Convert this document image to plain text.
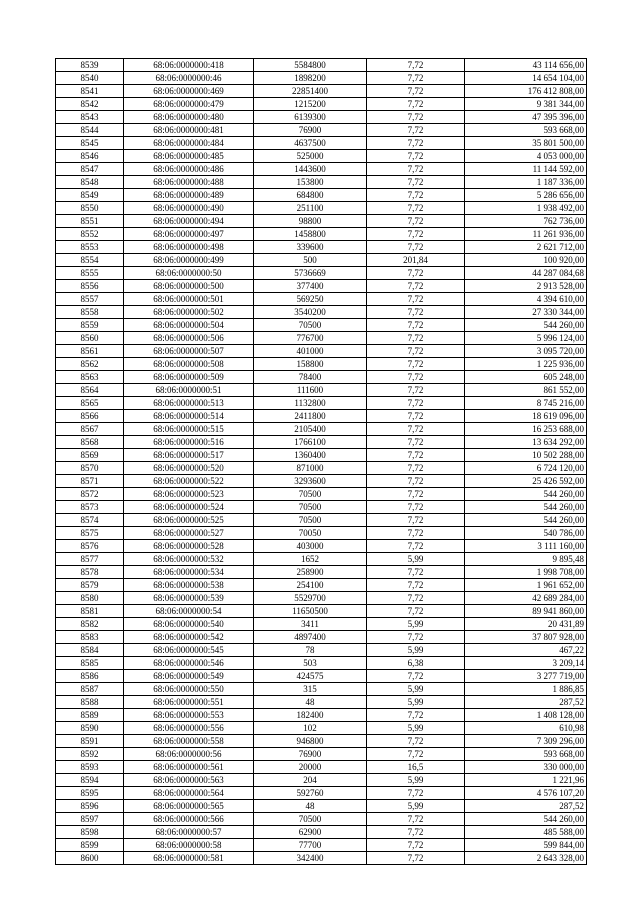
8539	68:06:0000000:418	5584800	7,72	43 114 656,00
8540	68:06:0000000:46	1898200	7,72	14 654 104,00
8541	68:06:0000000:469	22851400	7,72	176 412 808,00
8542	68:06:0000000:479	1215200	7,72	9 381 344,00
8543	68:06:0000000:480	6139300	7,72	47 395 396,00
8544	68:06:0000000:481	76900	7,72	593 668,00
8545	68:06:0000000:484	4637500	7,72	35 801 500,00
8546	68:06:0000000:485	525000	7,72	4 053 000,00
8547	68:06:0000000:486	1443600	7,72	11 144 592,00
8548	68:06:0000000:488	153800	7,72	1 187 336,00
8549	68:06:0000000:489	684800	7,72	5 286 656,00
8550	68:06:0000000:490	251100	7,72	1 938 492,00
8551	68:06:0000000:494	98800	7,72	762 736,00
8552	68:06:0000000:497	1458800	7,72	11 261 936,00
8553	68:06:0000000:498	339600	7,72	2 621 712,00
8554	68:06:0000000:499	500	201,84	100 920,00
8555	68:06:0000000:50	5736669	7,72	44 287 084,68
8556	68:06:0000000:500	377400	7,72	2 913 528,00
8557	68:06:0000000:501	569250	7,72	4 394 610,00
8558	68:06:0000000:502	3540200	7,72	27 330 344,00
8559	68:06:0000000:504	70500	7,72	544 260,00
8560	68:06:0000000:506	776700	7,72	5 996 124,00
8561	68:06:0000000:507	401000	7,72	3 095 720,00
8562	68:06:0000000:508	158800	7,72	1 225 936,00
8563	68:06:0000000:509	78400	7,72	605 248,00
8564	68:06:0000000:51	111600	7,72	861 552,00
8565	68:06:0000000:513	1132800	7,72	8 745 216,00
8566	68:06:0000000:514	2411800	7,72	18 619 096,00
8567	68:06:0000000:515	2105400	7,72	16 253 688,00
8568	68:06:0000000:516	1766100	7,72	13 634 292,00
8569	68:06:0000000:517	1360400	7,72	10 502 288,00
8570	68:06:0000000:520	871000	7,72	6 724 120,00
8571	68:06:0000000:522	3293600	7,72	25 426 592,00
8572	68:06:0000000:523	70500	7,72	544 260,00
8573	68:06:0000000:524	70500	7,72	544 260,00
8574	68:06:0000000:525	70500	7,72	544 260,00
8575	68:06:0000000:527	70050	7,72	540 786,00
8576	68:06:0000000:528	403000	7,72	3 111 160,00
8577	68:06:0000000:532	1652	5,99	9 895,48
8578	68:06:0000000:534	258900	7,72	1 998 708,00
8579	68:06:0000000:538	254100	7,72	1 961 652,00
8580	68:06:0000000:539	5529700	7,72	42 689 284,00
8581	68:06:0000000:54	11650500	7,72	89 941 860,00
8582	68:06:0000000:540	3411	5,99	20 431,89
8583	68:06:0000000:542	4897400	7,72	37 807 928,00
8584	68:06:0000000:545	78	5,99	467,22
8585	68:06:0000000:546	503	6,38	3 209,14
8586	68:06:0000000:549	424575	7,72	3 277 719,00
8587	68:06:0000000:550	315	5,99	1 886,85
8588	68:06:0000000:551	48	5,99	287,52
8589	68:06:0000000:553	182400	7,72	1 408 128,00
8590	68:06:0000000:556	102	5,99	610,98
8591	68:06:0000000:558	946800	7,72	7 309 296,00
8592	68:06:0000000:56	76900	7,72	593 668,00
8593	68:06:0000000:561	20000	16,5	330 000,00
8594	68:06:0000000:563	204	5,99	1 221,96
8595	68:06:0000000:564	592760	7,72	4 576 107,20
8596	68:06:0000000:565	48	5,99	287,52
8597	68:06:0000000:566	70500	7,72	544 260,00
8598	68:06:0000000:57	62900	7,72	485 588,00
8599	68:06:0000000:58	77700	7,72	599 844,00
8600	68:06:0000000:581	342400	7,72	2 643 328,00
